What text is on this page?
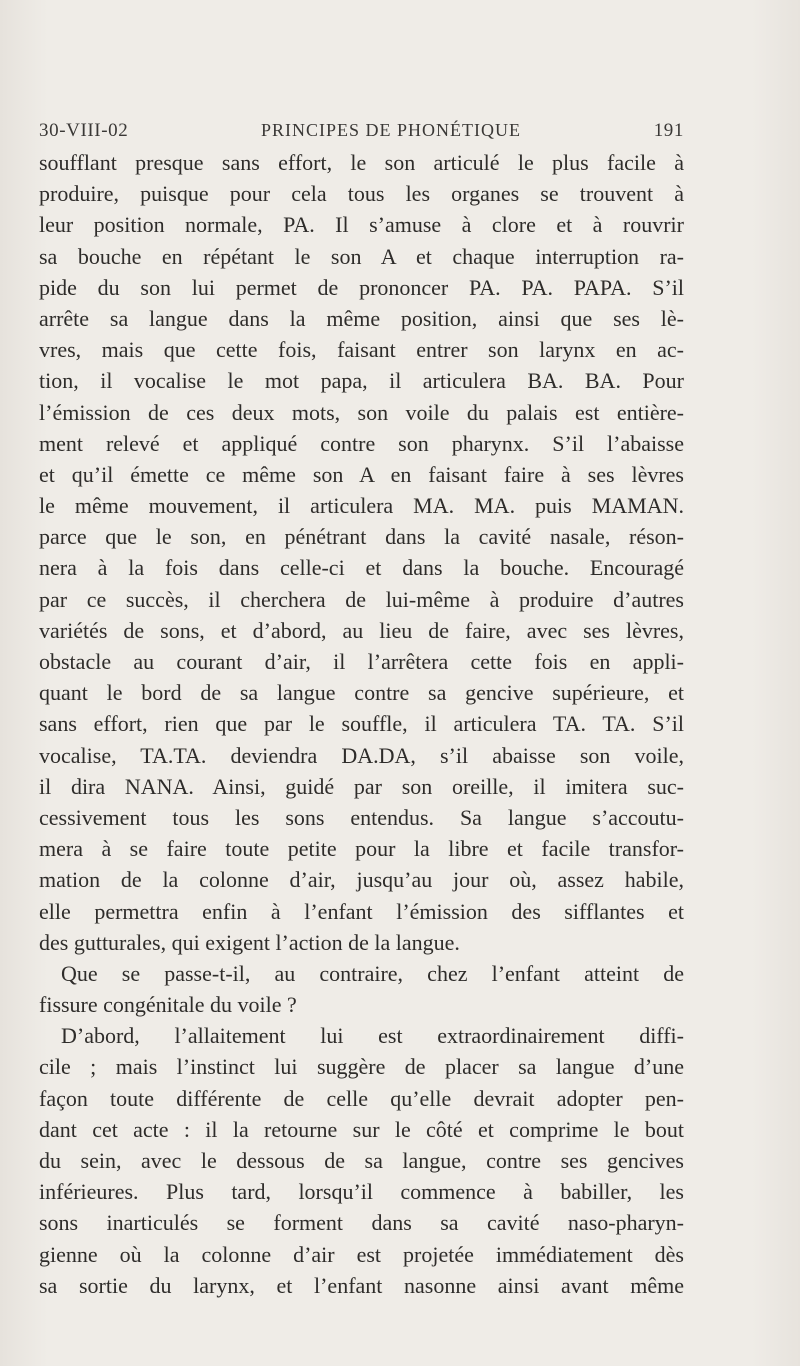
30-VIII-02	PRINCIPES DE PHONÉTIQUE	191
soufflant presque sans effort, le son articulé le plus facile à
produire, puisque pour cela tous les organes se trouvent à
leur position normale, PA. Il s’amuse à clore et à rouvrir
sa bouche en répétant le son A et chaque interruption ra-
pide du son lui permet de prononcer PA. PA. PAPA. S’il
arrête sa langue dans la même position, ainsi que ses lè-
vres, mais que cette fois, faisant entrer son larynx en ac-
tion, il vocalise le mot papa, il articulera BA. BA. Pour
l’émission de ces deux mots, son voile du palais est entière-
ment relevé et appliqué contre son pharynx. S’il l’abaisse
et qu’il émette ce même son A en faisant faire à ses lèvres
le même mouvement, il articulera MA. MA. puis MAMAN.
parce que le son, en pénétrant dans la cavité nasale, réson-
nera à la fois dans celle-ci et dans la bouche. Encouragé
par ce succès, il cherchera de lui-même à produire d’autres
variétés de sons, et d’abord, au lieu de faire, avec ses lèvres,
obstacle au courant d’air, il l’arrêtera cette fois en appli-
quant le bord de sa langue contre sa gencive supérieure, et
sans effort, rien que par le souffle, il articulera TA. TA. S’il
vocalise, TA.TA. deviendra DA.DA, s’il abaisse son voile,
il dira NANA. Ainsi, guidé par son oreille, il imitera suc-
cessivement tous les sons entendus. Sa langue s’accoutu-
mera à se faire toute petite pour la libre et facile transfor-
mation de la colonne d’air, jusqu’au jour où, assez habile,
elle permettra enfin à l’enfant l’émission des sifflantes et
des gutturales, qui exigent l’action de la langue.
Que se passe-t-il, au contraire, chez l’enfant atteint de
fissure congénitale du voile ?
D’abord, l’allaitement lui est extraordinairement diffi-
cile ; mais l’instinct lui suggère de placer sa langue d’une
façon toute différente de celle qu’elle devrait adopter pen-
dant cet acte : il la retourne sur le côté et comprime le bout
du sein, avec le dessous de sa langue, contre ses gencives
inférieures. Plus tard, lorsqu’il commence à babiller, les
sons inarticulés se forment dans sa cavité naso-pharyn-
gienne où la colonne d’air est projetée immédiatement dès
sa sortie du larynx, et l’enfant nasonne ainsi avant même
